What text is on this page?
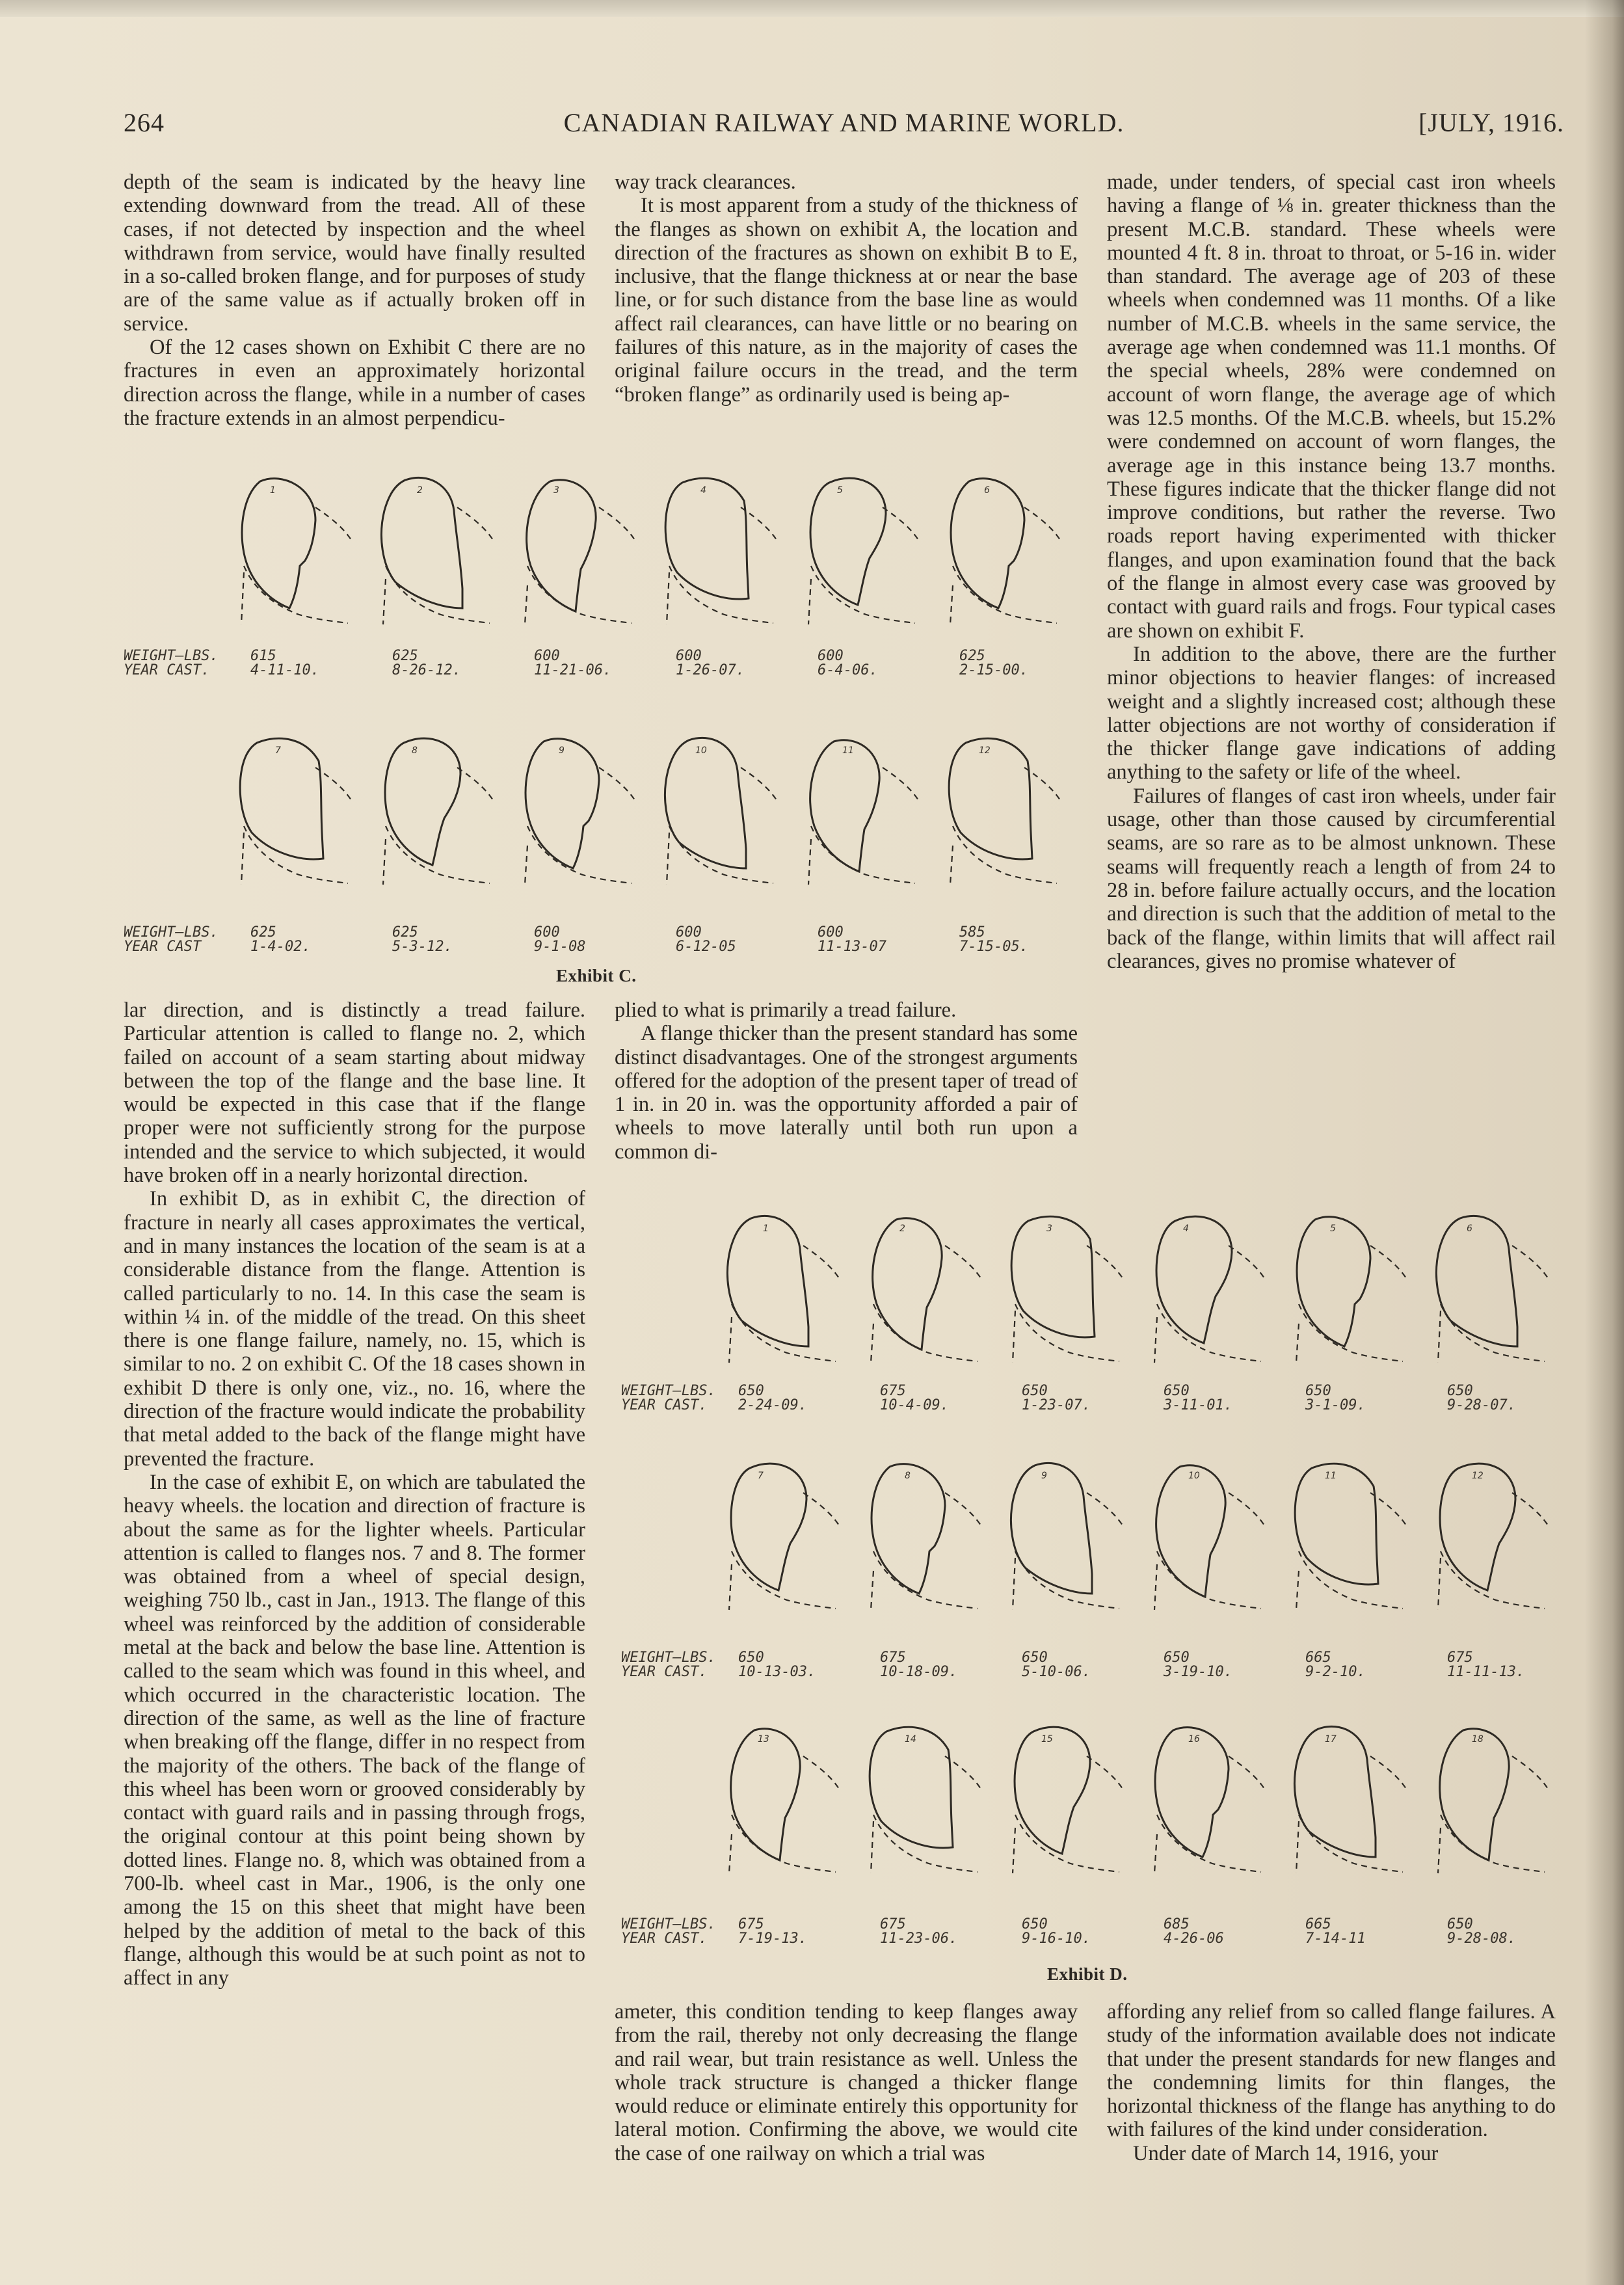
264	CANADIAN RAILWAY AND MARINE WORLD.	[JULY, 1916.

depth of the seam is indicated by the heavy line extending downward from the tread. All of these cases, if not detected by inspection and the wheel withdrawn from service, would have finally resulted in a so-called broken flange, and for purposes of study are of the same value as if actually broken off in service.

Of the 12 cases shown on Exhibit C there are no fractures in even an approximately horizontal direction across the flange, while in a number of cases the fracture extends in an almost perpendicu-

way track clearances.

It is most apparent from a study of the thickness of the flanges as shown on exhibit A, the location and direction of the fractures as shown on exhibit B to E, inclusive, that the flange thickness at or near the base line, or for such distance from the base line as would affect rail clearances, can have little or no bearing on failures of this nature, as in the majority of cases the original failure occurs in the tread, and the term “broken flange” as ordinarily used is being ap-

made, under tenders, of special cast iron wheels having a flange of ⅛ in. greater thickness than the present M.C.B. standard. These wheels were mounted 4 ft. 8 in. throat to throat, or 5-16 in. wider than standard. The average age of 203 of these wheels when condemned was 11 months. Of a like number of M.C.B. wheels in the same service, the average age when condemned was 11.1 months. Of the special wheels, 28% were condemned on account of worn flange, the average age of which was 12.5 months. Of the M.C.B. wheels, but 15.2% were condemned on account of worn flanges, the average age in this instance being 13.7 months. These figures indicate that the thicker flange did not improve conditions, but rather the reverse. Two roads report having experimented with thicker flanges, and upon examination found that the back of the flange in almost every case was grooved by contact with guard rails and frogs. Four typical cases are shown on exhibit F.

In addition to the above, there are the further minor objections to heavier flanges: of increased weight and a slightly increased cost; although these latter objections are not worthy of consideration if the thicker flange gave indications of adding anything to the safety or life of the wheel.

Failures of flanges of cast iron wheels, under fair usage, other than those caused by circumferential seams, are so rare as to be almost unknown. These seams will frequently reach a length of from 24 to 28 in. before failure actually occurs, and the location and direction is such that the addition of metal to the back of the flange, within limits that will affect rail clearances, gives no promise whatever of

1
615
4-11-10.
2
625
8-26-12.
3
600
11-21-06.
4
600
1-26-07.
5
600
6-4-06.
6
625
2-15-00.
WEIGHT–LBS.
YEAR CAST.
7
625
1-4-02.
8
625
5-3-12.
9
600
9-1-08
10
600
6-12-05
11
600
11-13-07
12
585
7-15-05.
WEIGHT–LBS.
YEAR CAST
Exhibit C.

lar direction, and is distinctly a tread failure. Particular attention is called to flange no. 2, which failed on account of a seam starting about midway between the top of the flange and the base line. It would be expected in this case that if the flange proper were not sufficiently strong for the purpose intended and the service to which subjected, it would have broken off in a nearly horizontal direction.

In exhibit D, as in exhibit C, the direction of fracture in nearly all cases approximates the vertical, and in many instances the location of the seam is at a considerable distance from the flange. Attention is called particularly to no. 14. In this case the seam is within ¼ in. of the middle of the tread. On this sheet there is one flange failure, namely, no. 15, which is similar to no. 2 on exhibit C. Of the 18 cases shown in exhibit D there is only one, viz., no. 16, where the direction of the fracture would indicate the probability that metal added to the back of the flange might have prevented the fracture.

In the case of exhibit E, on which are tabulated the heavy wheels. the location and direction of fracture is about the same as for the lighter wheels. Particular attention is called to flanges nos. 7 and 8. The former was obtained from a wheel of special design, weighing 750 lb., cast in Jan., 1913. The flange of this wheel was reinforced by the addition of considerable metal at the back and below the base line. Attention is called to the seam which was found in this wheel, and which occurred in the characteristic location. The direction of the same, as well as the line of fracture when breaking off the flange, differ in no respect from the majority of the others. The back of the flange of this wheel has been worn or grooved considerably by contact with guard rails and in passing through frogs, the original contour at this point being shown by dotted lines. Flange no. 8, which was obtained from a 700-lb. wheel cast in Mar., 1906, is the only one among the 15 on this sheet that might have been helped by the addition of metal to the back of this flange, although this would be at such point as not to affect in any

plied to what is primarily a tread failure.

A flange thicker than the present standard has some distinct disadvantages. One of the strongest arguments offered for the adoption of the present taper of tread of 1 in. in 20 in. was the opportunity afforded a pair of wheels to move laterally until both run upon a common di-

1
650
2-24-09.
2
675
10-4-09.
3
650
1-23-07.
4
650
3-11-01.
5
650
3-1-09.
6
650
9-28-07.
WEIGHT–LBS.
YEAR CAST.
7
650
10-13-03.
8
675
10-18-09.
9
650
5-10-06.
10
650
3-19-10.
11
665
9-2-10.
12
675
11-11-13.
WEIGHT–LBS.
YEAR CAST.
13
675
7-19-13.
14
675
11-23-06.
15
650
9-16-10.
16
685
4-26-06
17
665
7-14-11
18
650
9-28-08.
WEIGHT–LBS.
YEAR CAST.
Exhibit D.

ameter, this condition tending to keep flanges away from the rail, thereby not only decreasing the flange and rail wear, but train resistance as well. Unless the whole track structure is changed a thicker flange would reduce or eliminate entirely this opportunity for lateral motion. Confirming the above, we would cite the case of one railway on which a trial was

affording any relief from so called flange failures. A study of the information available does not indicate that under the present standards for new flanges and the condemning limits for thin flanges, the horizontal thickness of the flange has anything to do with failures of the kind under consideration.

Under date of March 14, 1916, your
